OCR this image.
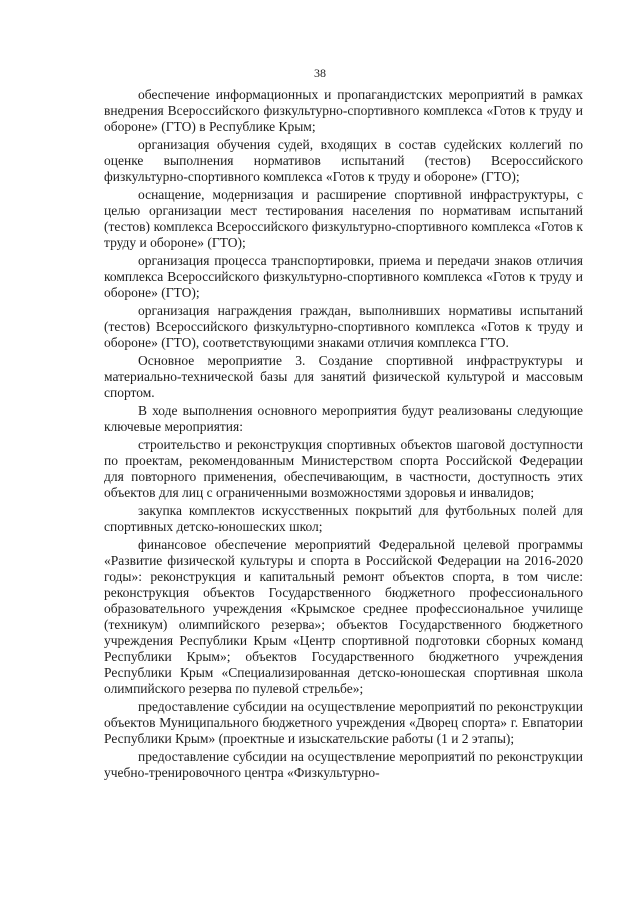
38

обеспечение информационных и пропагандистских мероприятий в рамках внедрения Всероссийского физкультурно-спортивного комплекса «Готов к труду и обороне» (ГТО) в Республике Крым;

организация обучения судей, входящих в состав судейских коллегий по оценке выполнения нормативов испытаний (тестов) Всероссийского физкультурно-спортивного комплекса «Готов к труду и обороне» (ГТО);

оснащение, модернизация и расширение спортивной инфраструктуры, с целью организации мест тестирования населения по нормативам испытаний (тестов) комплекса Всероссийского физкультурно-спортивного комплекса «Готов к труду и обороне» (ГТО);

организация процесса транспортировки, приема и передачи знаков отличия комплекса Всероссийского физкультурно-спортивного комплекса «Готов к труду и обороне» (ГТО);

организация награждения граждан, выполнивших нормативы испытаний (тестов) Всероссийского физкультурно-спортивного комплекса «Готов к труду и обороне» (ГТО), соответствующими знаками отличия комплекса ГТО.

Основное мероприятие 3. Создание спортивной инфраструктуры и материально-технической базы для занятий физической культурой и массовым спортом.

В ходе выполнения основного мероприятия будут реализованы следующие ключевые мероприятия:

строительство и реконструкция спортивных объектов шаговой доступности по проектам, рекомендованным Министерством спорта Российской Федерации для повторного применения, обеспечивающим, в частности, доступность этих объектов для лиц с ограниченными возможностями здоровья и инвалидов;

закупка комплектов искусственных покрытий для футбольных полей для спортивных детско-юношеских школ;

финансовое обеспечение мероприятий Федеральной целевой программы «Развитие физической культуры и спорта в Российской Федерации на 2016-2020 годы»: реконструкция и капитальный ремонт объектов спорта, в том числе: реконструкция объектов Государственного бюджетного профессионального образовательного учреждения «Крымское среднее профессиональное училище (техникум) олимпийского резерва»; объектов Государственного бюджетного учреждения Республики Крым «Центр спортивной подготовки сборных команд Республики Крым»; объектов Государственного бюджетного учреждения Республики Крым «Специализированная детско-юношеская спортивная школа олимпийского резерва по пулевой стрельбе»;

предоставление субсидии на осуществление мероприятий по реконструкции объектов Муниципального бюджетного учреждения «Дворец спорта» г. Евпатории Республики Крым» (проектные и изыскательские работы (1 и 2 этапы);

предоставление субсидии на осуществление мероприятий по реконструкции учебно-тренировочного центра «Физкультурно-
